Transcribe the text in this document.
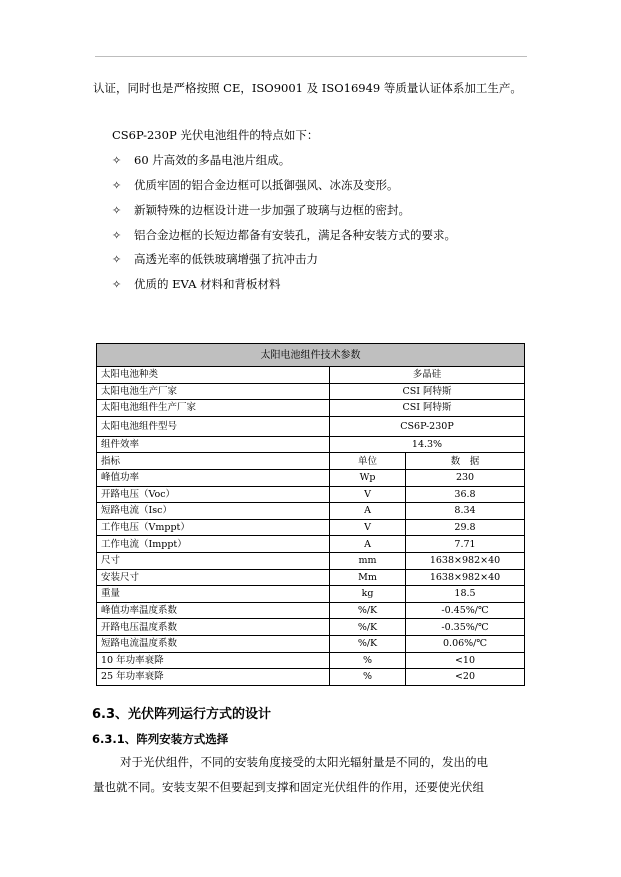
认证，同时也是严格按照 CE，ISO9001 及 ISO16949 等质量认证体系加工生产。
CS6P-230P 光伏电池组件的特点如下：
✧ 60 片高效的多晶电池片组成。
✧ 优质牢固的铝合金边框可以抵御强风、冰冻及变形。
✧ 新颖特殊的边框设计进一步加强了玻璃与边框的密封。
✧ 铝合金边框的长短边都备有安装孔，满足各种安装方式的要求。
✧ 高透光率的低铁玻璃增强了抗冲击力
✧ 优质的 EVA 材料和背板材料
太阳电池组件技术参数		
太阳电池种类	多晶硅	
太阳电池生产厂家	CSI 阿特斯	
太阳电池组件生产厂家	CSI 阿特斯	
太阳电池组件型号	CS6P-230P	
组件效率	14.3%	
指标	单位	数　据
峰值功率	Wp	230
开路电压（Voc）	V	36.8
短路电流（Isc）	A	8.34
工作电压（Vmppt）	V	29.8
工作电流（Imppt）	A	7.71
尺寸	mm	1638×982×40
安装尺寸	Mm	1638×982×40
重量	kg	18.5
峰值功率温度系数	%/K	-0.45%/℃
开路电压温度系数	%/K	-0.35%/℃
短路电流温度系数	%/K	0.06%/℃
10 年功率衰降	%	<10
25 年功率衰降	%	<20
6.3、光伏阵列运行方式的设计
6.3.1、阵列安装方式选择
对于光伏组件，不同的安装角度接受的太阳光辐射量是不同的，发出的电
量也就不同。安装支架不但要起到支撑和固定光伏组件的作用，还要使光伏组
